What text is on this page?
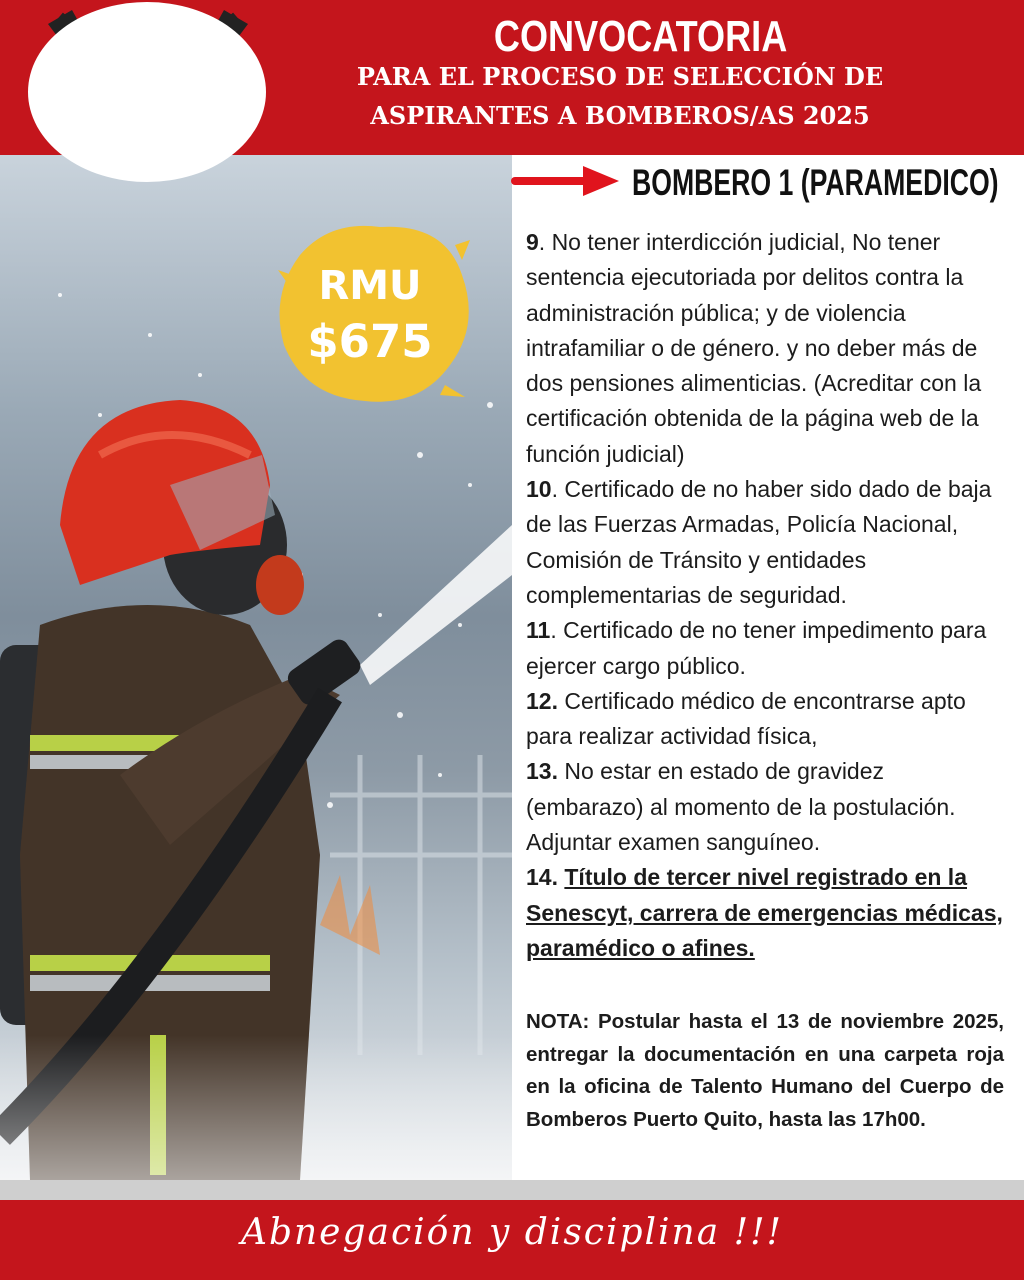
CONVOCATORIA
PARA EL PROCESO DE SELECCIÓN DE
ASPIRANTES A BOMBEROS/AS 2025
RMU
$675
BOMBERO 1 (PARAMEDICO)

9. No tener interdicción judicial, No tener sentencia ejecutoriada por delitos contra la administración pública; y de violencia intrafamiliar o de género. y no deber más de dos pensiones alimenticias. (Acreditar con la certificación obtenida de la página web de la función judicial)

10. Certificado de no haber sido dado de baja de las Fuerzas Armadas, Policía Nacional, Comisión de Tránsito y entidades complementarias de seguridad.

11. Certificado de no tener impedimento para ejercer cargo público.

12. Certificado médico de encontrarse apto para realizar actividad física,

13. No estar en estado de gravidez (embarazo) al momento de la postulación. Adjuntar examen sanguíneo.

14. Título de tercer nivel registrado en la Senescyt, carrera de emergencias médicas, paramédico o afines.

NOTA: Postular hasta el 13 de noviembre 2025, entregar la documentación en una carpeta roja en la oficina de Talento Humano del Cuerpo de Bomberos Puerto Quito, hasta las 17h00.
Abnegación y disciplina !!!
